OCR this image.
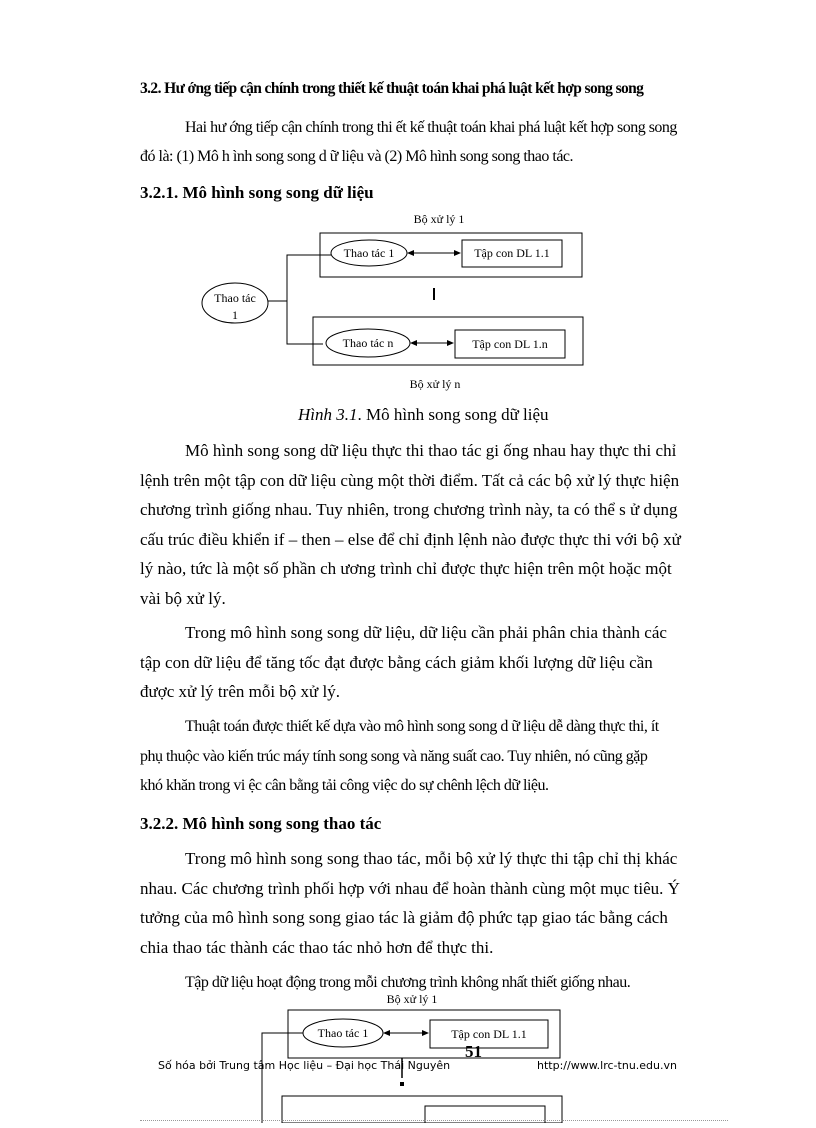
3.2. Hư ớng tiếp cận chính trong thiết kế thuật toán khai phá luật kết hợp song song
Hai hư ớng tiếp cận chính trong thi ết kế thuật toán khai phá luật kết hợp song song
đó là: (1) Mô h ình song song d ữ liệu và (2) Mô hình song song thao tác.
3.2.1. Mô hình song song dữ liệu
Bộ xử lý 1
Bộ xử lý n
Thao tác
1
Thao tác 1
Thao tác n
Tập con DL 1.1
Tập con DL 1.n
Hình 3.1. Mô hình song song dữ liệu
Mô hình song song dữ liệu thực thi thao tác gi ống nhau hay thực thi chỉ
lệnh trên một tập con dữ liệu cùng một thời điểm. Tất cả các bộ xử lý thực hiện
chương trình giống nhau. Tuy nhiên, trong chương trình này, ta có thể s ử dụng
cấu trúc điều khiển if – then – else để chỉ định lệnh nào được thực thi với bộ xử
lý nào, tức là một số phần ch ương trình chỉ được thực hiện trên một hoặc một
vài bộ xử lý.
Trong mô hình song song dữ liệu, dữ liệu cần phải phân chia thành các
tập con dữ liệu để tăng tốc đạt được bằng cách giảm khối lượng dữ liệu cần
được xử lý trên mỗi bộ xử lý.
Thuật toán được thiết kế dựa vào mô hình song song d ữ liệu dễ dàng thực thi, ít
phụ thuộc vào kiến trúc máy tính song song và năng suất cao. Tuy nhiên, nó cũng gặp
khó khăn trong vi ệc cân bằng tải công việc do sự chênh lệch dữ liệu.
3.2.2. Mô hình song song thao tác
Trong mô hình song song thao tác, mỗi bộ xử lý thực thi tập chỉ thị khác
nhau. Các chương trình phối hợp với nhau để hoàn thành cùng một mục tiêu. Ý
tưởng của mô hình song song giao tác là giảm độ phức tạp giao tác bằng cách
chia thao tác thành các thao tác nhỏ hơn để thực thi.
Tập dữ liệu hoạt động trong mỗi chương trình không nhất thiết giống nhau.
Bộ xử lý 1
Thao tác 1	Tập con DL 1.1
Số hóa bởi Trung tâm Học liệu – Đại học Thái Nguyên
51
http://www.lrc-tnu.edu.vn
